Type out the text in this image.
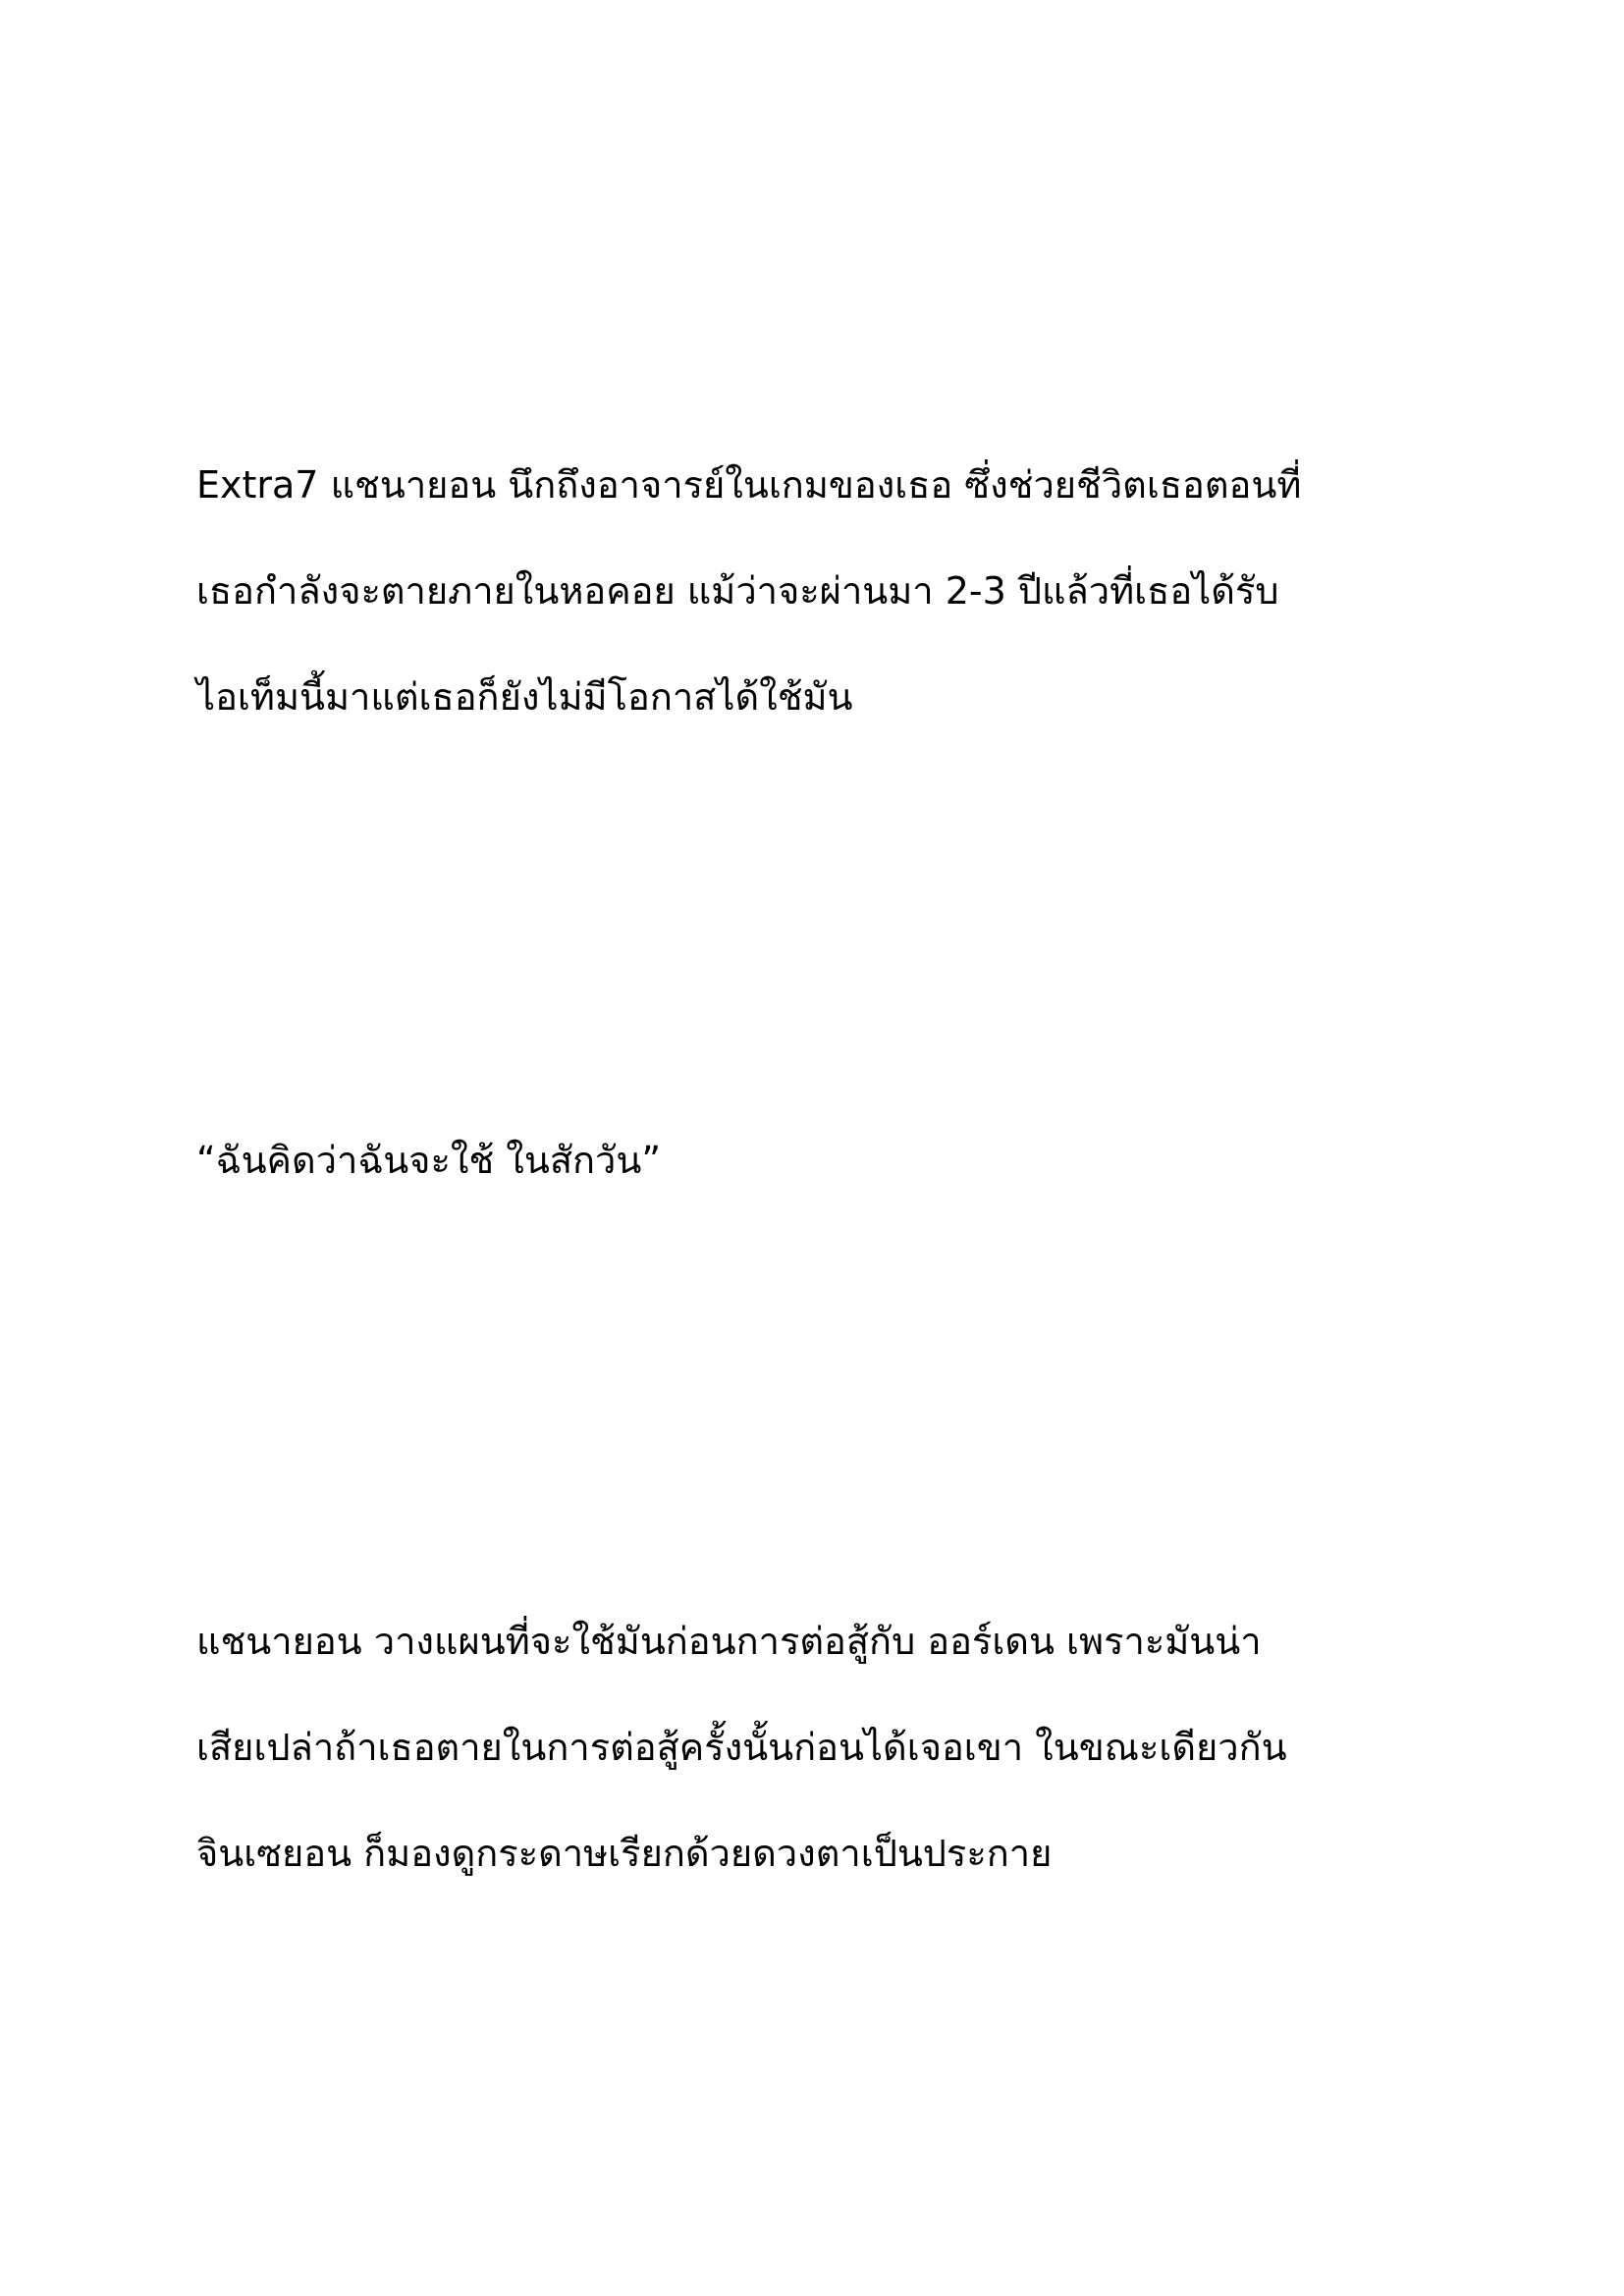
Extra7 แชนายอน นึกถึงอาจารย์ในเกมของเธอ ซึ่งช่วยชีวิตเธอตอนที่
เธอกำลังจะตายภายในหอคอย แม้ว่าจะผ่านมา 2-3 ปีแล้วที่เธอได้รับ
ไอเท็มนี้มาแต่เธอก็ยังไม่มีโอกาสได้ใช้มัน
“ฉันคิดว่าฉันจะใช้ ในสักวัน”
แชนายอน วางแผนที่จะใช้มันก่อนการต่อสู้กับ ออร์เดน เพราะมันน่า
เสียเปล่าถ้าเธอตายในการต่อสู้ครั้งนั้นก่อนได้เจอเขา ในขณะเดียวกัน
จินเซยอน ก็มองดูกระดาษเรียกด้วยดวงตาเป็นประกาย
